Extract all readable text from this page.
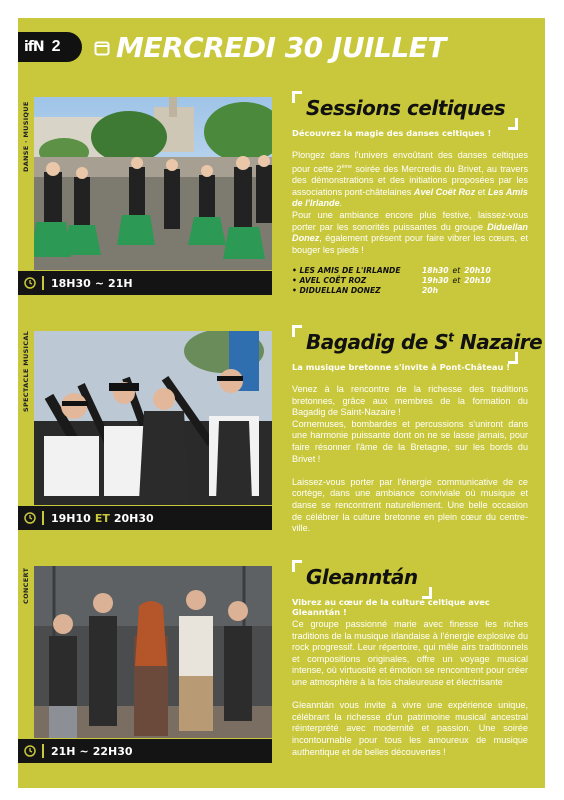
ifN 2 MERCREDI 30 JUILLET
DANSE · MUSIQUE
18H30 ~ 21H
Sessions celtiques
Découvrez la magie des danses celtiques !

Plongez dans l'univers envoûtant des danses celtiques pour cette 2ème soirée des Mercredis du Brivet, au travers des démonstrations et des initiations proposées par les associations pont-châtelaines Avel Coët Roz et Les Amis de l'Irlande.
Pour une ambiance encore plus festive, laissez-vous porter par les sonorités puissantes du groupe Diduellan Donez, également présent pour faire vibrer les cœurs, et bouger les pieds !

• LES AMIS DE L'IRLANDE	18h30 et 20h10
• AVEL COËT ROZ	19h30 et 20h10
• DIDUELLAN DONEZ	20h
SPECTACLE MUSICAL
19H10 ET 20H30
Bagadig de $S^t$ Nazaire
La musique bretonne s'invite à Pont-Château !

Venez à la rencontre de la richesse des traditions bretonnes, grâce aux membres de la formation du Bagadig de Saint-Nazaire !
Cornemuses, bombardes et percussions s'uniront dans une harmonie puissante dont on ne se lasse jamais, pour faire résonner l'âme de la Bretagne, sur les bords du Brivet !

Laissez-vous porter par l'énergie communicative de ce cortège, dans une ambiance conviviale où musique et danse se rencontrent naturellement. Une belle occasion de célébrer la culture bretonne en plein cœur du centre-ville.

CONCERT
21H ~ 22H30
Gleanntán
Vibrez au cœur de la culture celtique avec Gleanntán !

Ce groupe passionné marie avec finesse les riches traditions de la musique irlandaise à l'énergie explosive du rock progressif. Leur répertoire, qui mêle airs traditionnels et compositions originales, offre un voyage musical intense, où virtuosité et émotion se rencontrent pour créer une atmosphère à la fois chaleureuse et électrisante

Gleanntán vous invite à vivre une expérience unique, célébrant la richesse d'un patrimoine musical ancestral réinterprété avec modernité et passion. Une soirée incontournable pour tous les amoureux de musique authentique et de belles découvertes !
